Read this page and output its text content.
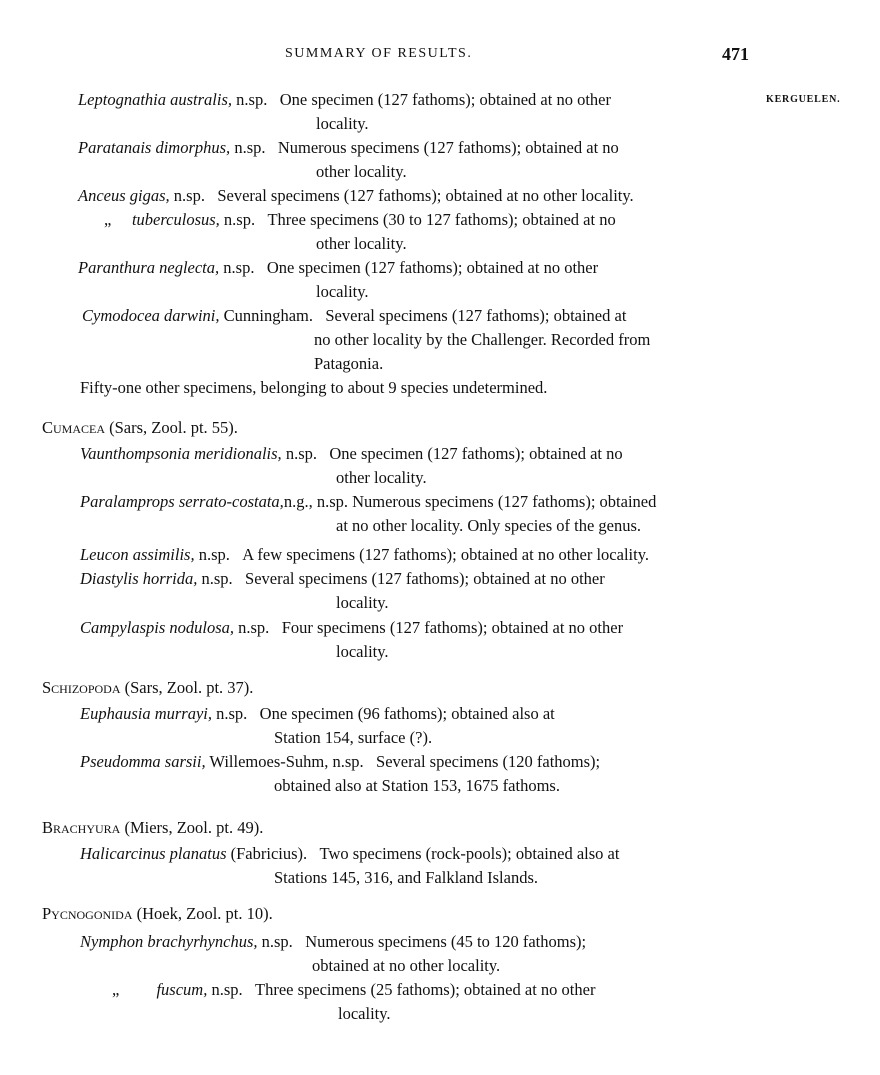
SUMMARY OF RESULTS.	471
KERGUELEN.
Leptognathia australis, n.sp. One specimen (127 fathoms); obtained at no other
locality.
Paratanais dimorphus, n.sp. Numerous specimens (127 fathoms); obtained at no
other locality.
Anceus gigas, n.sp. Several specimens (127 fathoms); obtained at no other locality.
„ tuberculosus, n.sp. Three specimens (30 to 127 fathoms); obtained at no
other locality.
Paranthura neglecta, n.sp. One specimen (127 fathoms); obtained at no other
locality.
Cymodocea darwini, Cunningham. Several specimens (127 fathoms); obtained at
no other locality by the Challenger. Recorded from
Patagonia.
Fifty-one other specimens, belonging to about 9 species undetermined.
Cumacea (Sars, Zool. pt. 55).
Vaunthompsonia meridionalis, n.sp. One specimen (127 fathoms); obtained at no
other locality.
Paralamprops serrato-costata,n.g., n.sp. Numerous specimens (127 fathoms); obtained
at no other locality. Only species of the genus.
Leucon assimilis, n.sp. A few specimens (127 fathoms); obtained at no other locality.
Diastylis horrida, n.sp. Several specimens (127 fathoms); obtained at no other
locality.
Campylaspis nodulosa, n.sp. Four specimens (127 fathoms); obtained at no other
locality.
Schizopoda (Sars, Zool. pt. 37).
Euphausia murrayi, n.sp. One specimen (96 fathoms); obtained also at
Station 154, surface (?).
Pseudomma sarsii, Willemoes-Suhm, n.sp. Several specimens (120 fathoms);
obtained also at Station 153, 1675 fathoms.
Brachyura (Miers, Zool. pt. 49).
Halicarcinus planatus (Fabricius). Two specimens (rock-pools); obtained also at
Stations 145, 316, and Falkland Islands.
Pycnogonida (Hoek, Zool. pt. 10).
Nymphon brachyrhynchus, n.sp. Numerous specimens (45 to 120 fathoms);
obtained at no other locality.
„ fuscum, n.sp. Three specimens (25 fathoms); obtained at no other
locality.
